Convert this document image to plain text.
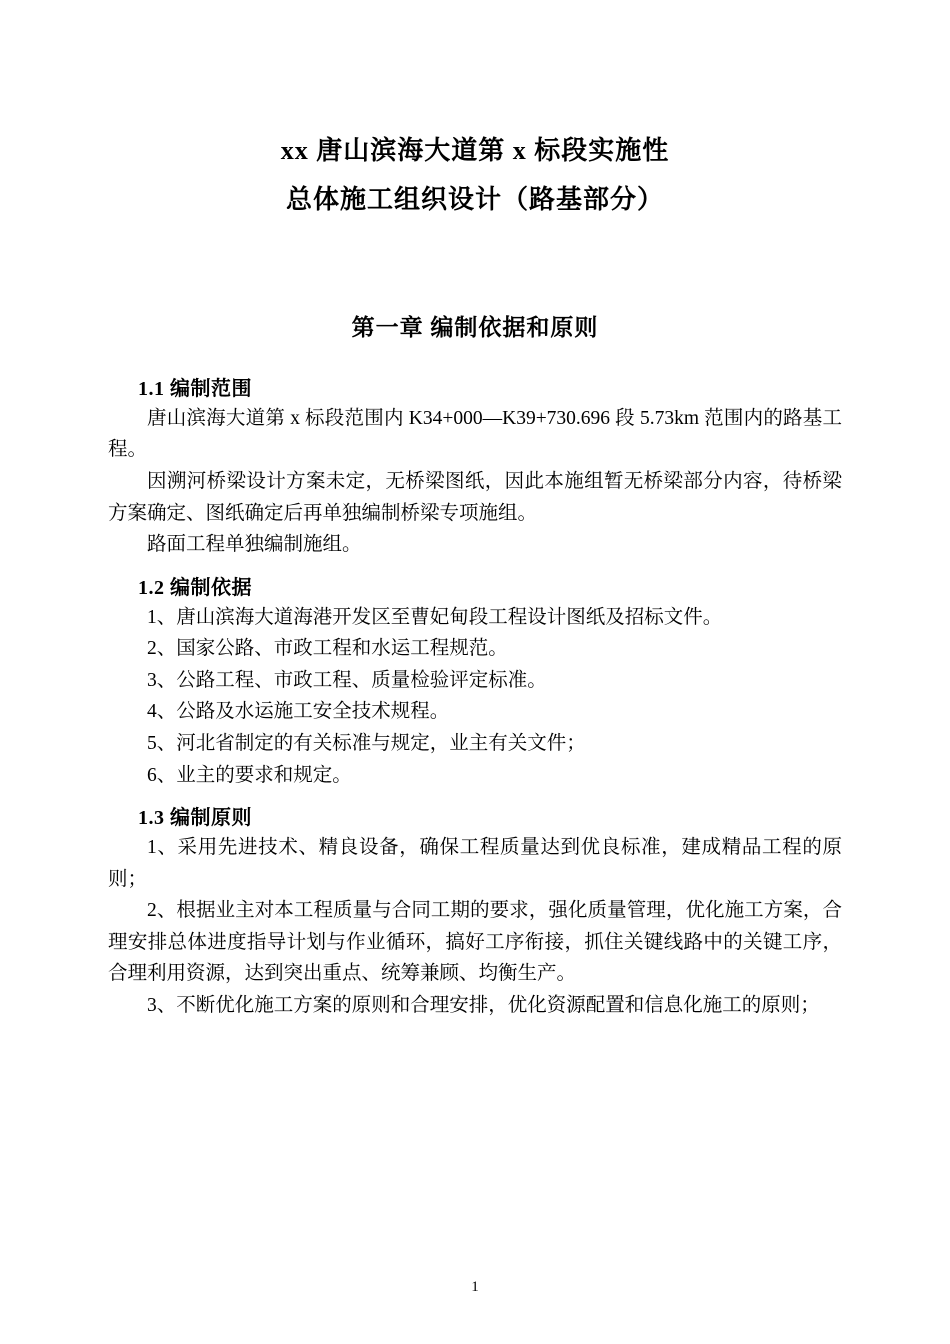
xx 唐山滨海大道第 x 标段实施性
总体施工组织设计（路基部分）
第一章 编制依据和原则
1.1 编制范围

唐山滨海大道第 x 标段范围内 K34+000—K39+730.696 段 5.73km 范围内的路基工程。

因溯河桥梁设计方案未定，无桥梁图纸，因此本施组暂无桥梁部分内容，待桥梁方案确定、图纸确定后再单独编制桥梁专项施组。

路面工程单独编制施组。

1.2 编制依据

1、唐山滨海大道海港开发区至曹妃甸段工程设计图纸及招标文件。

2、国家公路、市政工程和水运工程规范。

3、公路工程、市政工程、质量检验评定标准。

4、公路及水运施工安全技术规程。

5、河北省制定的有关标准与规定，业主有关文件；

6、业主的要求和规定。

1.3 编制原则

1、采用先进技术、精良设备，确保工程质量达到优良标准，建成精品工程的原则；

2、根据业主对本工程质量与合同工期的要求，强化质量管理，优化施工方案，合理安排总体进度指导计划与作业循环，搞好工序衔接，抓住关键线路中的关键工序，合理利用资源，达到突出重点、统筹兼顾、均衡生产。

3、不断优化施工方案的原则和合理安排，优化资源配置和信息化施工的原则；

1
